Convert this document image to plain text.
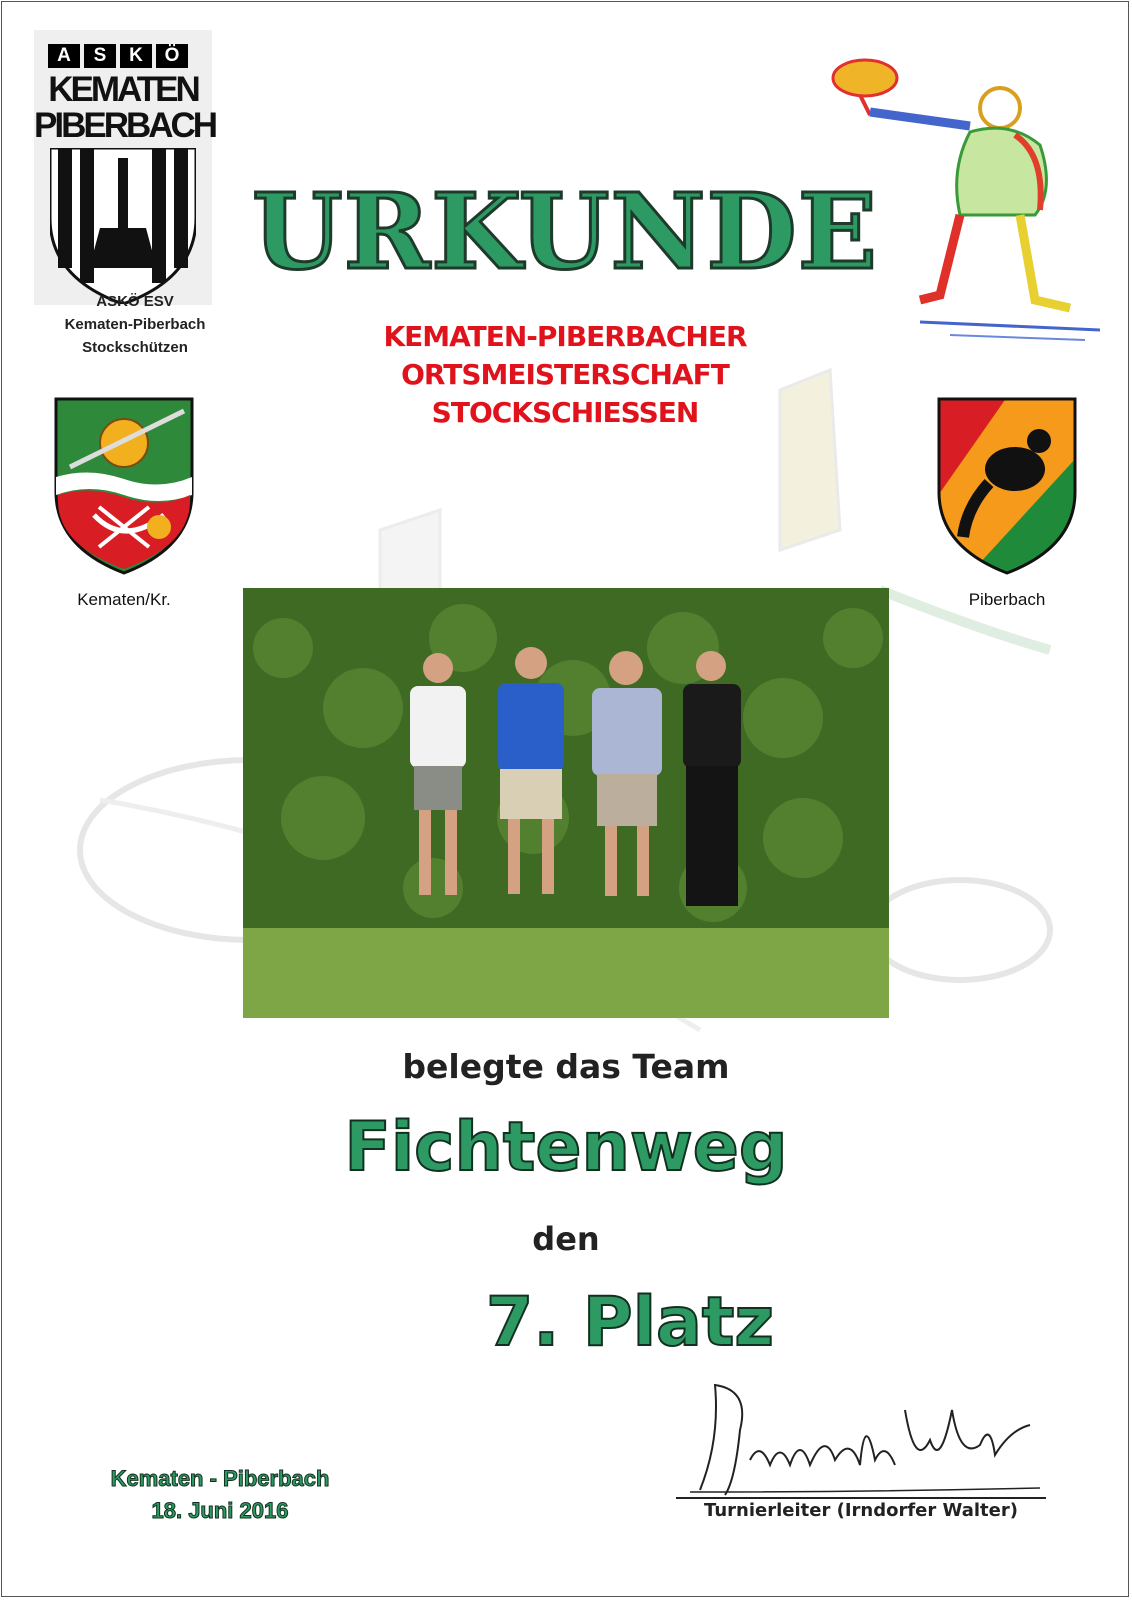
A	S	K	Ö
KEMATEN
PIBERBACH
ASKÖ ESV
Kematen-Piberbach
Stockschützen
URKUNDE
KEMATEN-PIBERBACHER
ORTSMEISTERSCHAFT
STOCKSCHIESSEN
Kematen/Kr.	Piberbach
belegte das Team
Fichtenweg
den
7. Platz
Kematen - Piberbach
18. Juni 2016	Turnierleiter (Irndorfer Walter)
